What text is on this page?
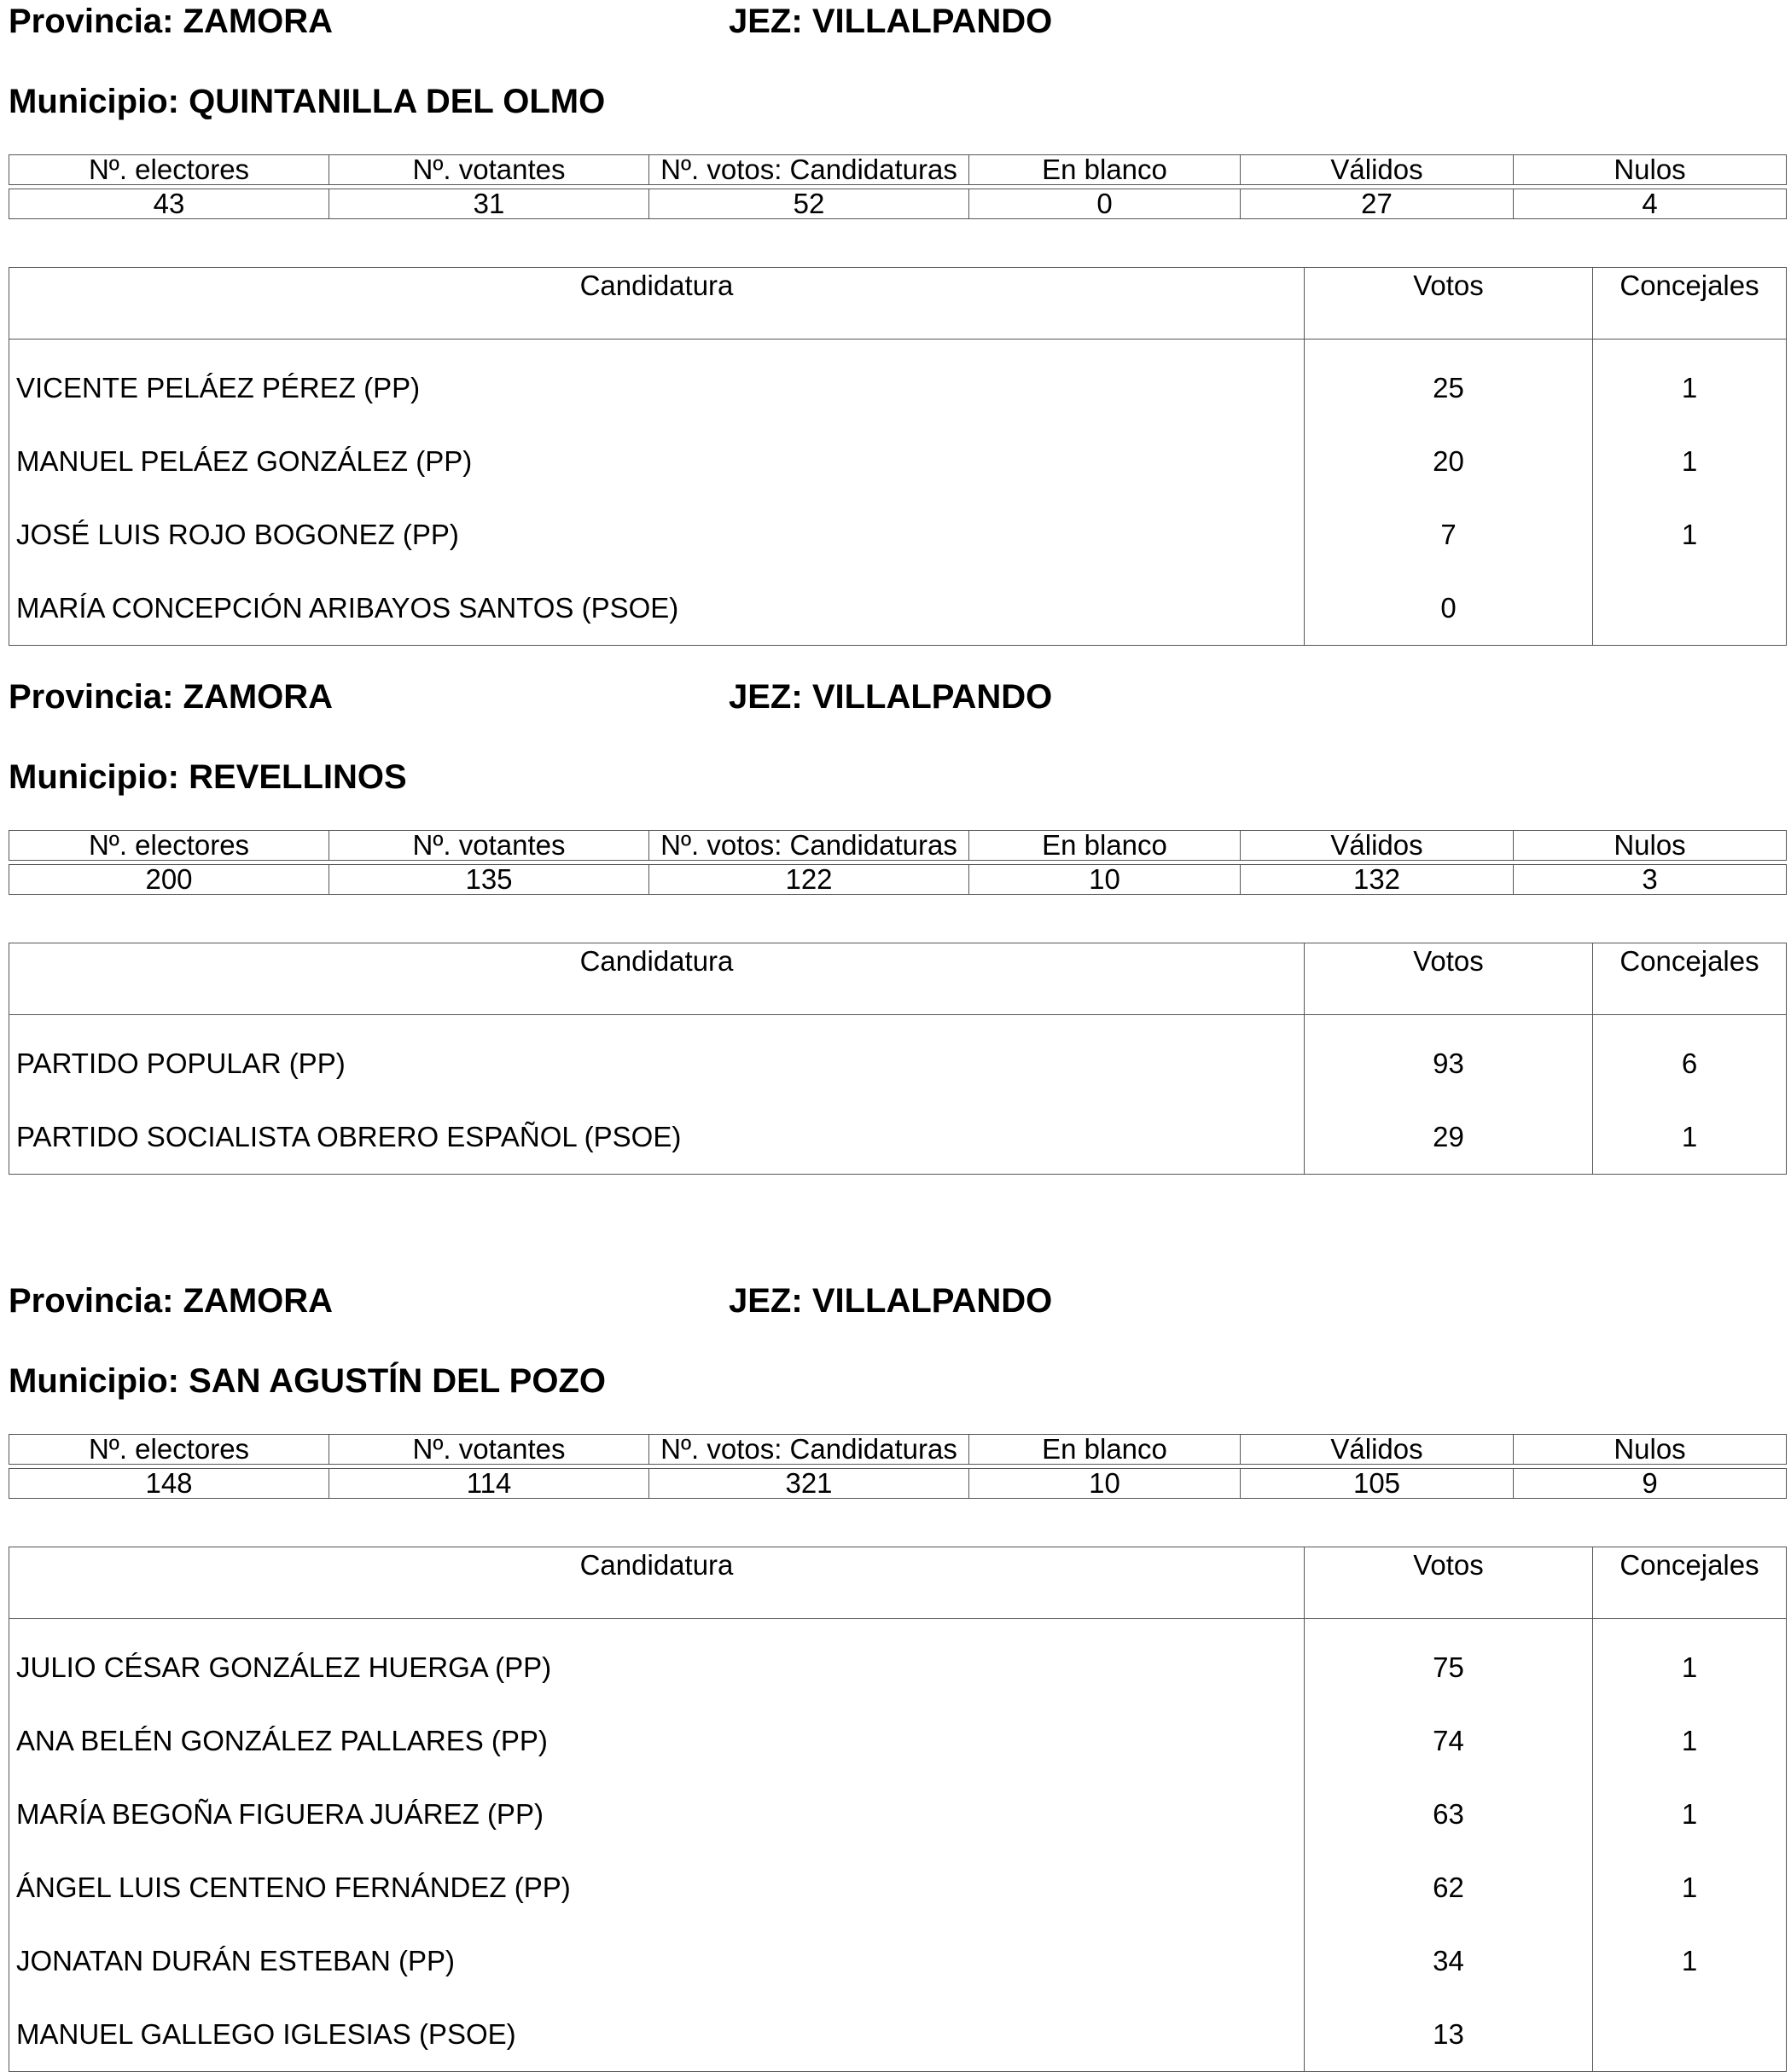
Provincia: ZAMORA	JEZ: VILLALPANDO
Municipio: QUINTANILLA DEL OLMO
Nº. electores	Nº. votantes	Nº. votos: Candidaturas	En blanco	Válidos	Nulos

43	31	52	0	27	4
Candidatura	Votos	Concejales
VICENTE PELÁEZ PÉREZ (PP)	25	1
MANUEL PELÁEZ GONZÁLEZ (PP)	20	1
JOSÉ LUIS ROJO BOGONEZ (PP)	7	1
MARÍA CONCEPCIÓN ARIBAYOS SANTOS (PSOE)	0	
Provincia: ZAMORA	JEZ: VILLALPANDO
Municipio: REVELLINOS
Nº. electores	Nº. votantes	Nº. votos: Candidaturas	En blanco	Válidos	Nulos

200	135	122	10	132	3
Candidatura	Votos	Concejales
PARTIDO POPULAR (PP)	93	6
PARTIDO SOCIALISTA OBRERO ESPAÑOL (PSOE)	29	1
Provincia: ZAMORA	JEZ: VILLALPANDO
Municipio: SAN AGUSTÍN DEL POZO
Nº. electores	Nº. votantes	Nº. votos: Candidaturas	En blanco	Válidos	Nulos

148	114	321	10	105	9
Candidatura	Votos	Concejales
JULIO CÉSAR GONZÁLEZ HUERGA (PP)	75	1
ANA BELÉN GONZÁLEZ PALLARES (PP)	74	1
MARÍA BEGOÑA FIGUERA JUÁREZ (PP)	63	1
ÁNGEL LUIS CENTENO FERNÁNDEZ (PP)	62	1
JONATAN DURÁN ESTEBAN (PP)	34	1
MANUEL GALLEGO IGLESIAS (PSOE)	13	
